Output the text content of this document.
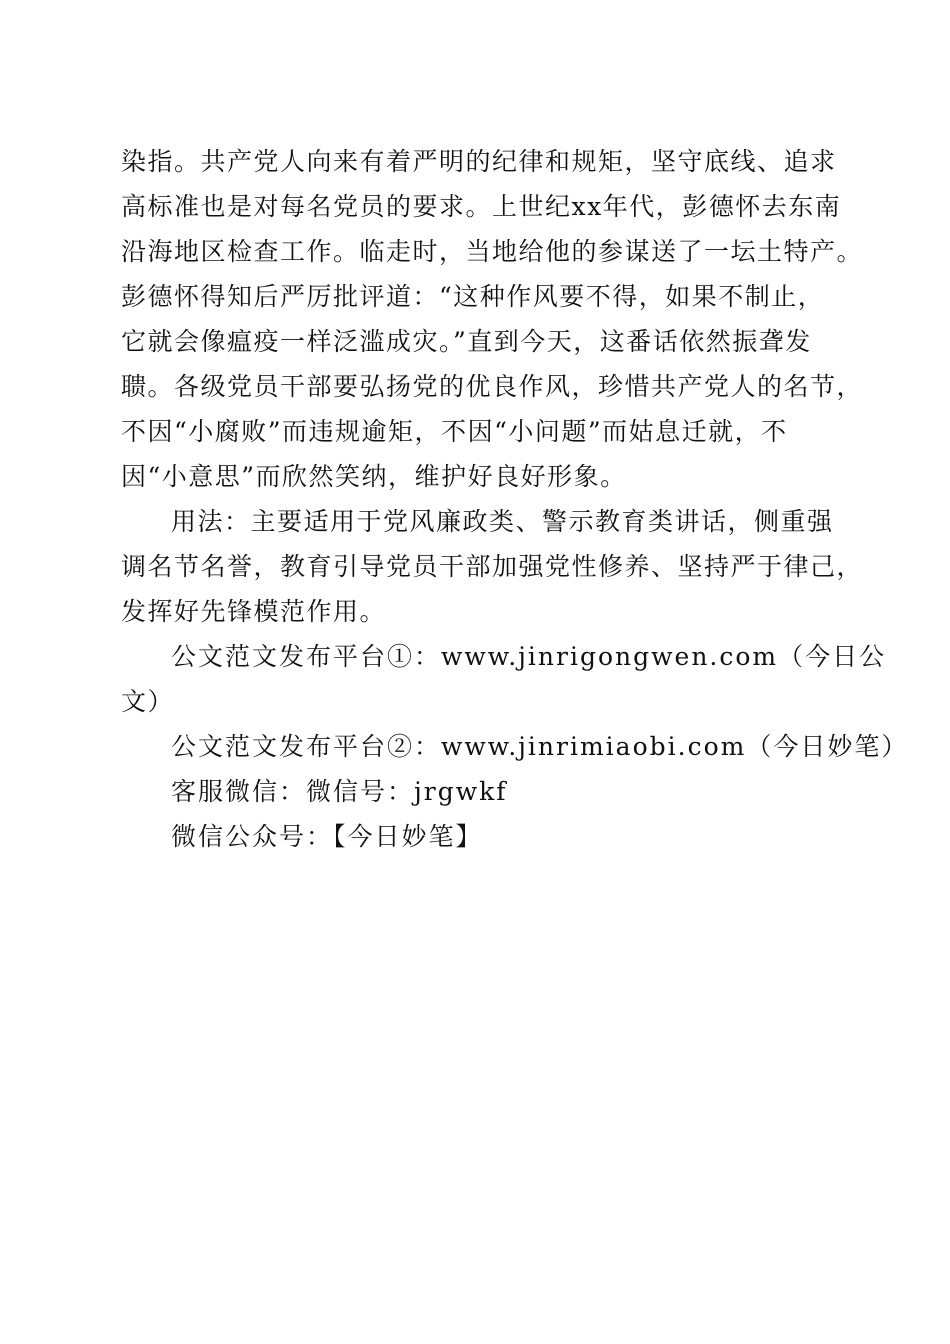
染指。共产党人向来有着严明的纪律和规矩，坚守底线、追求
高标准也是对每名党员的要求。上世纪xx年代，彭德怀去东南
沿海地区检查工作。临走时，当地给他的参谋送了一坛土特产。
彭德怀得知后严厉批评道：“这种作风要不得，如果不制止，
它就会像瘟疫一样泛滥成灾。”直到今天，这番话依然振聋发
聩。各级党员干部要弘扬党的优良作风，珍惜共产党人的名节，
不因“小腐败”而违规逾矩，不因“小问题”而姑息迁就，不
因“小意思”而欣然笑纳，维护好良好形象。
用法：主要适用于党风廉政类、警示教育类讲话，侧重强
调名节名誉，教育引导党员干部加强党性修养、坚持严于律己，
发挥好先锋模范作用。
公文范文发布平台①：www.jinrigongwen.com（今日公
文）
公文范文发布平台②：www.jinrimiaobi.com（今日妙笔）
客服微信：微信号：jrgwkf
微信公众号：【今日妙笔】
